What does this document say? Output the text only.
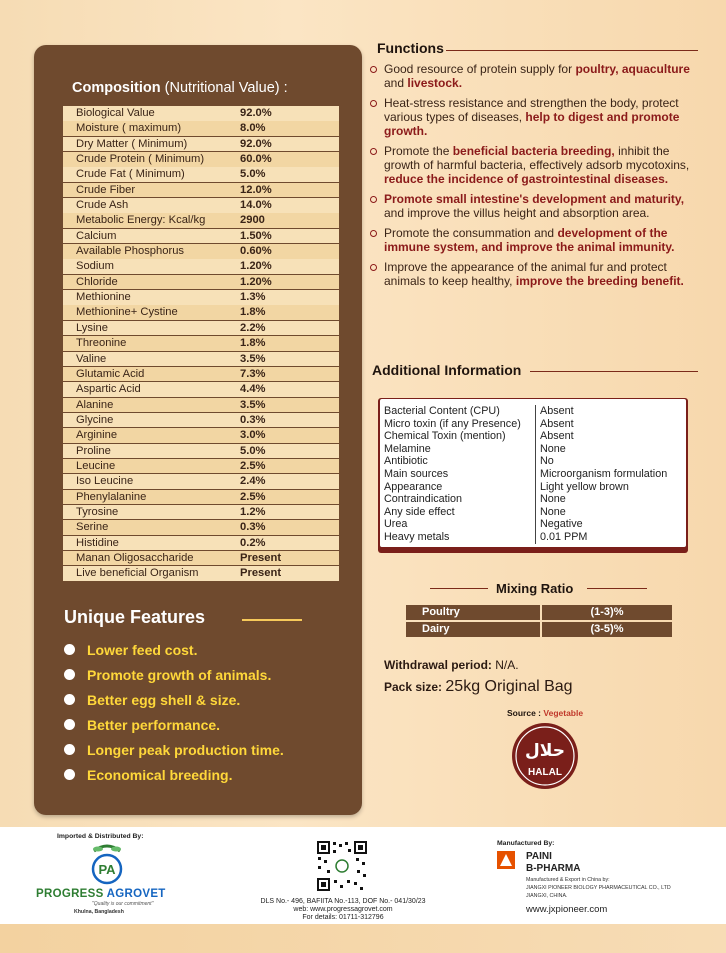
Composition (Nutritional Value) :
Biological Value	92.0%
Moisture ( maximum)	8.0%
Dry Matter ( Minimum)	92.0%
Crude Protein ( Minimum)	60.0%
Crude Fat ( Minimum)	5.0%
Crude Fiber	12.0%
Crude Ash	14.0%
Metabolic Energy: Kcal/kg	2900
Calcium	1.50%
Available Phosphorus	0.60%
Sodium	1.20%
Chloride	1.20%
Methionine	1.3%
Methionine+ Cystine	1.8%
Lysine	2.2%
Threonine	1.8%
Valine	3.5%
Glutamic Acid	7.3%
Aspartic Acid	4.4%
Alanine	3.5%
Glycine	0.3%
Arginine	3.0%
Proline	5.0%
Leucine	2.5%
Iso Leucine	2.4%
Phenylalanine	2.5%
Tyrosine	1.2%
Serine	0.3%
Histidine	0.2%
Manan Oligosaccharide	Present
Live beneficial Organism	Present
Unique Features
Lower feed cost.
Promote growth of animals.
Better egg shell & size.
Better performance.
Longer peak production time.
Economical breeding.
Functions
Good resource of protein supply for poultry, aquaculture and livestock.
Heat-stress resistance and strengthen the body, protect various types of diseases, help to digest and promote growth.
Promote the beneficial bacteria breeding, inhibit the growth of harmful bacteria, effectively adsorb mycotoxins, reduce the incidence of gastrointestinal diseases.
Promote small intestine's development and maturity, and improve the villus height and absorption area.
Promote the consummation and development of the immune system, and improve the animal immunity.
Improve the appearance of the animal fur and protect animals to keep healthy, improve the breeding benefit.
Additional Information
Bacterial Content (CPU)	Absent
Micro toxin (if any Presence)	Absent
Chemical Toxin (mention)	Absent
Melamine	None
Antibiotic	No
Main sources	Microorganism formulation
Appearance	Light yellow brown
Contraindication	None
Any side effect	None
Urea	Negative
Heavy metals	0.01 PPM
Mixing Ratio
Poultry	(1-3)%
Dairy	(3-5)%
Withdrawal period: N/A.
Pack size: 25kg Original Bag
Source : Vegetable
حلال
HALAL
Imported & Distributed By:
PA
PROGRESS AGROVET
"Quality is our commitment"
Khulna, Bangladesh
DLS No.- 496, BAFIITA No.-113, DOF No.- 041/30/23
web: www.progressagrovet.com
For details: 01711-312796
Manufactured By:
PAINI
B-PHARMA
Manufactured & Export in China by:
JIANGXI PIONEER BIOLOGY PHARMACEUTICAL CO., LTD
JIANGXI, CHINA.
www.jxpioneer.com
